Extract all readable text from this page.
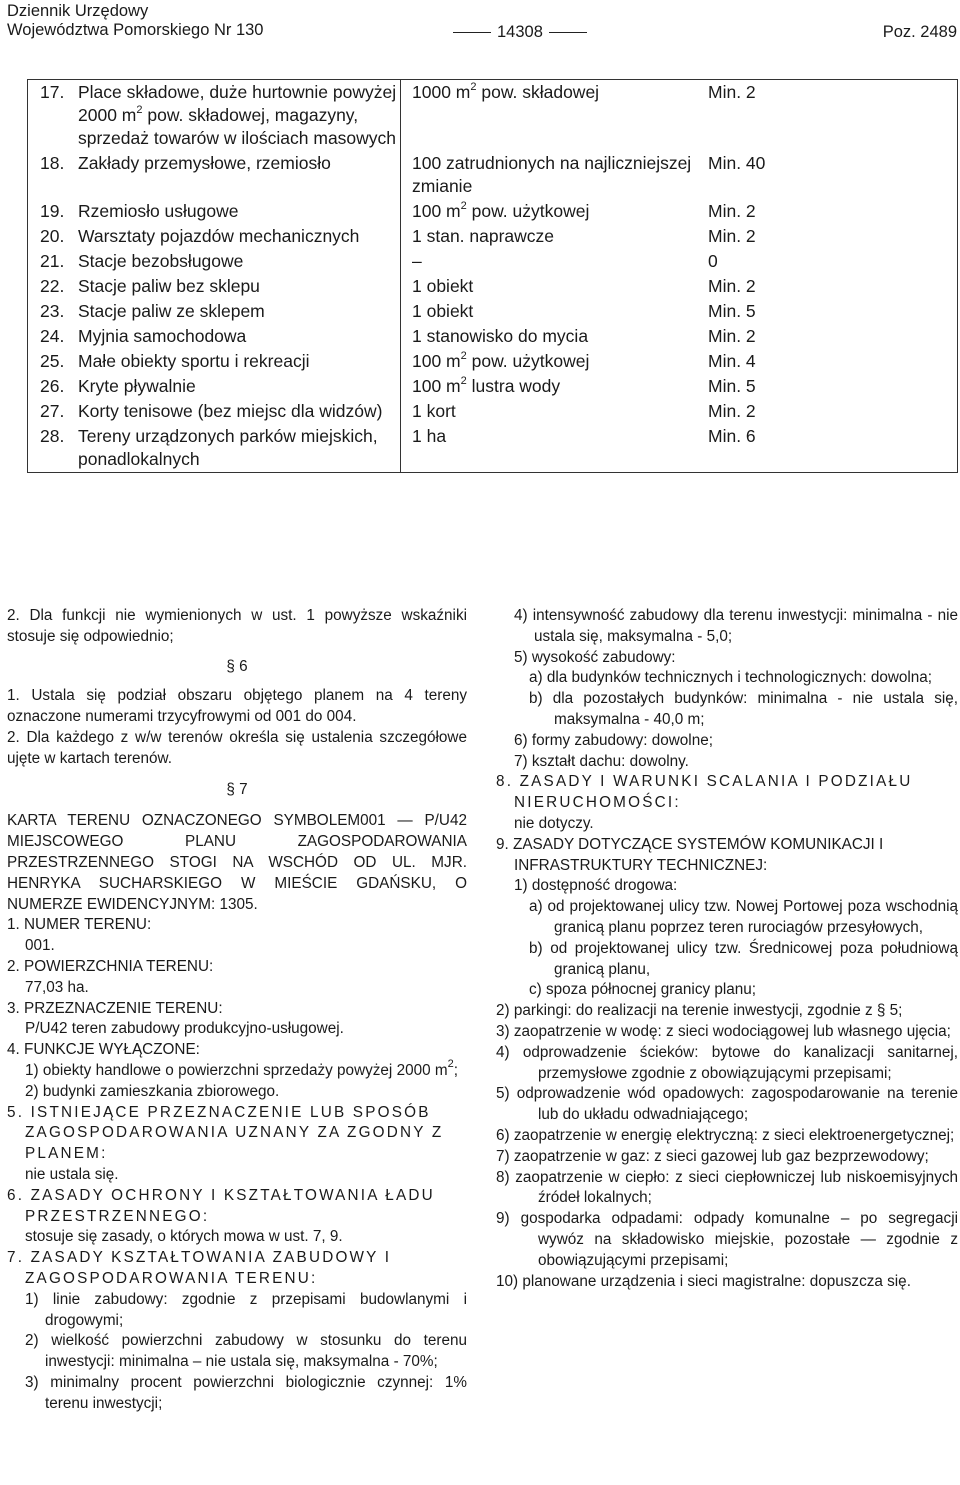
Dziennik Urzędowy
Województwa Pomorskiego Nr 130	14308	Poz. 2489
17.	Place składowe, duże hurtownie powyżej 2000 $m^2$ pow. składowej, magazyny, sprzedaż towarów w ilościach masowych	1000 $m^2$ pow. składowej	Min. 2
18.	Zakłady przemysłowe, rzemiosło	100 zatrudnionych na najliczniejszej zmianie	Min. 40
19.	Rzemiosło usługowe	100 $m^2$ pow. użytkowej	Min. 2
20.	Warsztaty pojazdów mechanicznych	1 stan. naprawcze	Min. 2
21.	Stacje bezobsługowe	–	0
22.	Stacje paliw bez sklepu	1 obiekt	Min. 2
23.	Stacje paliw ze sklepem	1 obiekt	Min. 5
24.	Myjnia samochodowa	1 stanowisko do mycia	Min. 2
25.	Małe obiekty sportu i rekreacji	100 $m^2$ pow. użytkowej	Min. 4
26.	Kryte pływalnie	100 $m^2$ lustra wody	Min. 5
27.	Korty tenisowe (bez miejsc dla widzów)	1 kort	Min. 2
28.	Tereny urządzonych parków miejskich, ponadlokalnych	1 ha	Min. 6

2. Dla funkcji nie wymienionych w ust. 1 powyższe wskaźniki stosuje się odpowiednio;

§ 6

1. Ustala się podział obszaru objętego planem na 4 tereny oznaczone numerami trzycyfrowymi od 001 do 004.

2. Dla każdego z w/w terenów określa się ustalenia szczegółowe ujęte w kartach terenów.

§ 7

KARTA TERENU OZNACZONEGO SYMBOLEM001 — P/U42 MIEJSCOWEGO PLANU ZAGOSPODAROWANIA PRZESTRZENNEGO STOGI NA WSCHÓD OD UL. MJR. HENRYKA SUCHARSKIEGO W MIEŚCIE GDAŃSKU, O NUMERZE EWIDENCYJNYM: 1305.

1. NUMER TERENU:

001.

2. POWIERZCHNIA TERENU:

77,03 ha.

3. PRZEZNACZENIE TERENU:

P/U42 teren zabudowy produkcyjno-usługowej.

4. FUNKCJE WYŁĄCZONE:

1) obiekty handlowe o powierzchni sprzedaży powyżej 2000 $m^2$;

2) budynki zamieszkania zbiorowego.

5. ISTNIEJĄCE PRZEZNACZENIE LUB SPOSÓB ZAGOSPODAROWANIA UZNANY ZA ZGODNY Z PLANEM:

nie ustala się.

6. ZASADY OCHRONY I KSZTAŁTOWANIA ŁADU PRZESTRZENNEGO:

stosuje się zasady, o których mowa w ust. 7, 9.

7. ZASADY KSZTAŁTOWANIA ZABUDOWY I ZAGOSPODAROWANIA TERENU:

1) linie zabudowy: zgodnie z przepisami budowlanymi i drogowymi;

2) wielkość powierzchni zabudowy w stosunku do terenu inwestycji: minimalna – nie ustala się, maksymalna - 70%;

3) minimalny procent powierzchni biologicznie czynnej: 1% terenu inwestycji;

4) intensywność zabudowy dla terenu inwestycji: minimalna - nie ustala się, maksymalna - 5,0;

5) wysokość zabudowy:

a) dla budynków technicznych i technologicznych: dowolna;

b) dla pozostałych budynków: minimalna - nie ustala się, maksymalna - 40,0 m;

6) formy zabudowy: dowolne;

7) kształt dachu: dowolny.

8. ZASADY I WARUNKI SCALANIA I PODZIAŁU NIERUCHOMOŚCI:

nie dotyczy.

9. ZASADY DOTYCZĄCE SYSTEMÓW KOMUNIKACJI I INFRASTRUKTURY TECHNICZNEJ:

1) dostępność drogowa:

a) od projektowanej ulicy tzw. Nowej Portowej poza wschodnią granicą planu poprzez teren rurociagów przesyłowych,

b) od projektowanej ulicy tzw. Średnicowej poza południową granicą planu,

c) spoza północnej granicy planu;

2) parkingi: do realizacji na terenie inwestycji, zgodnie z § 5;

3) zaopatrzenie w wodę: z sieci wodociągowej lub własnego ujęcia;

4) odprowadzenie ścieków: bytowe do kanalizacji sanitarnej, przemysłowe zgodnie z obowiązującymi przepisami;

5) odprowadzenie wód opadowych: zagospodarowanie na terenie lub do układu odwadniającego;

6) zaopatrzenie w energię elektryczną: z sieci elektroenergetycznej;

7) zaopatrzenie w gaz: z sieci gazowej lub gaz bezprzewodowy;

8) zaopatrzenie w ciepło: z sieci ciepłowniczej lub niskoemisyjnych źródeł lokalnych;

9) gospodarka odpadami: odpady komunalne – po segregacji wywóz na składowisko miejskie, pozostałe — zgodnie z obowiązującymi przepisami;

10) planowane urządzenia i sieci magistralne: dopuszcza się.
